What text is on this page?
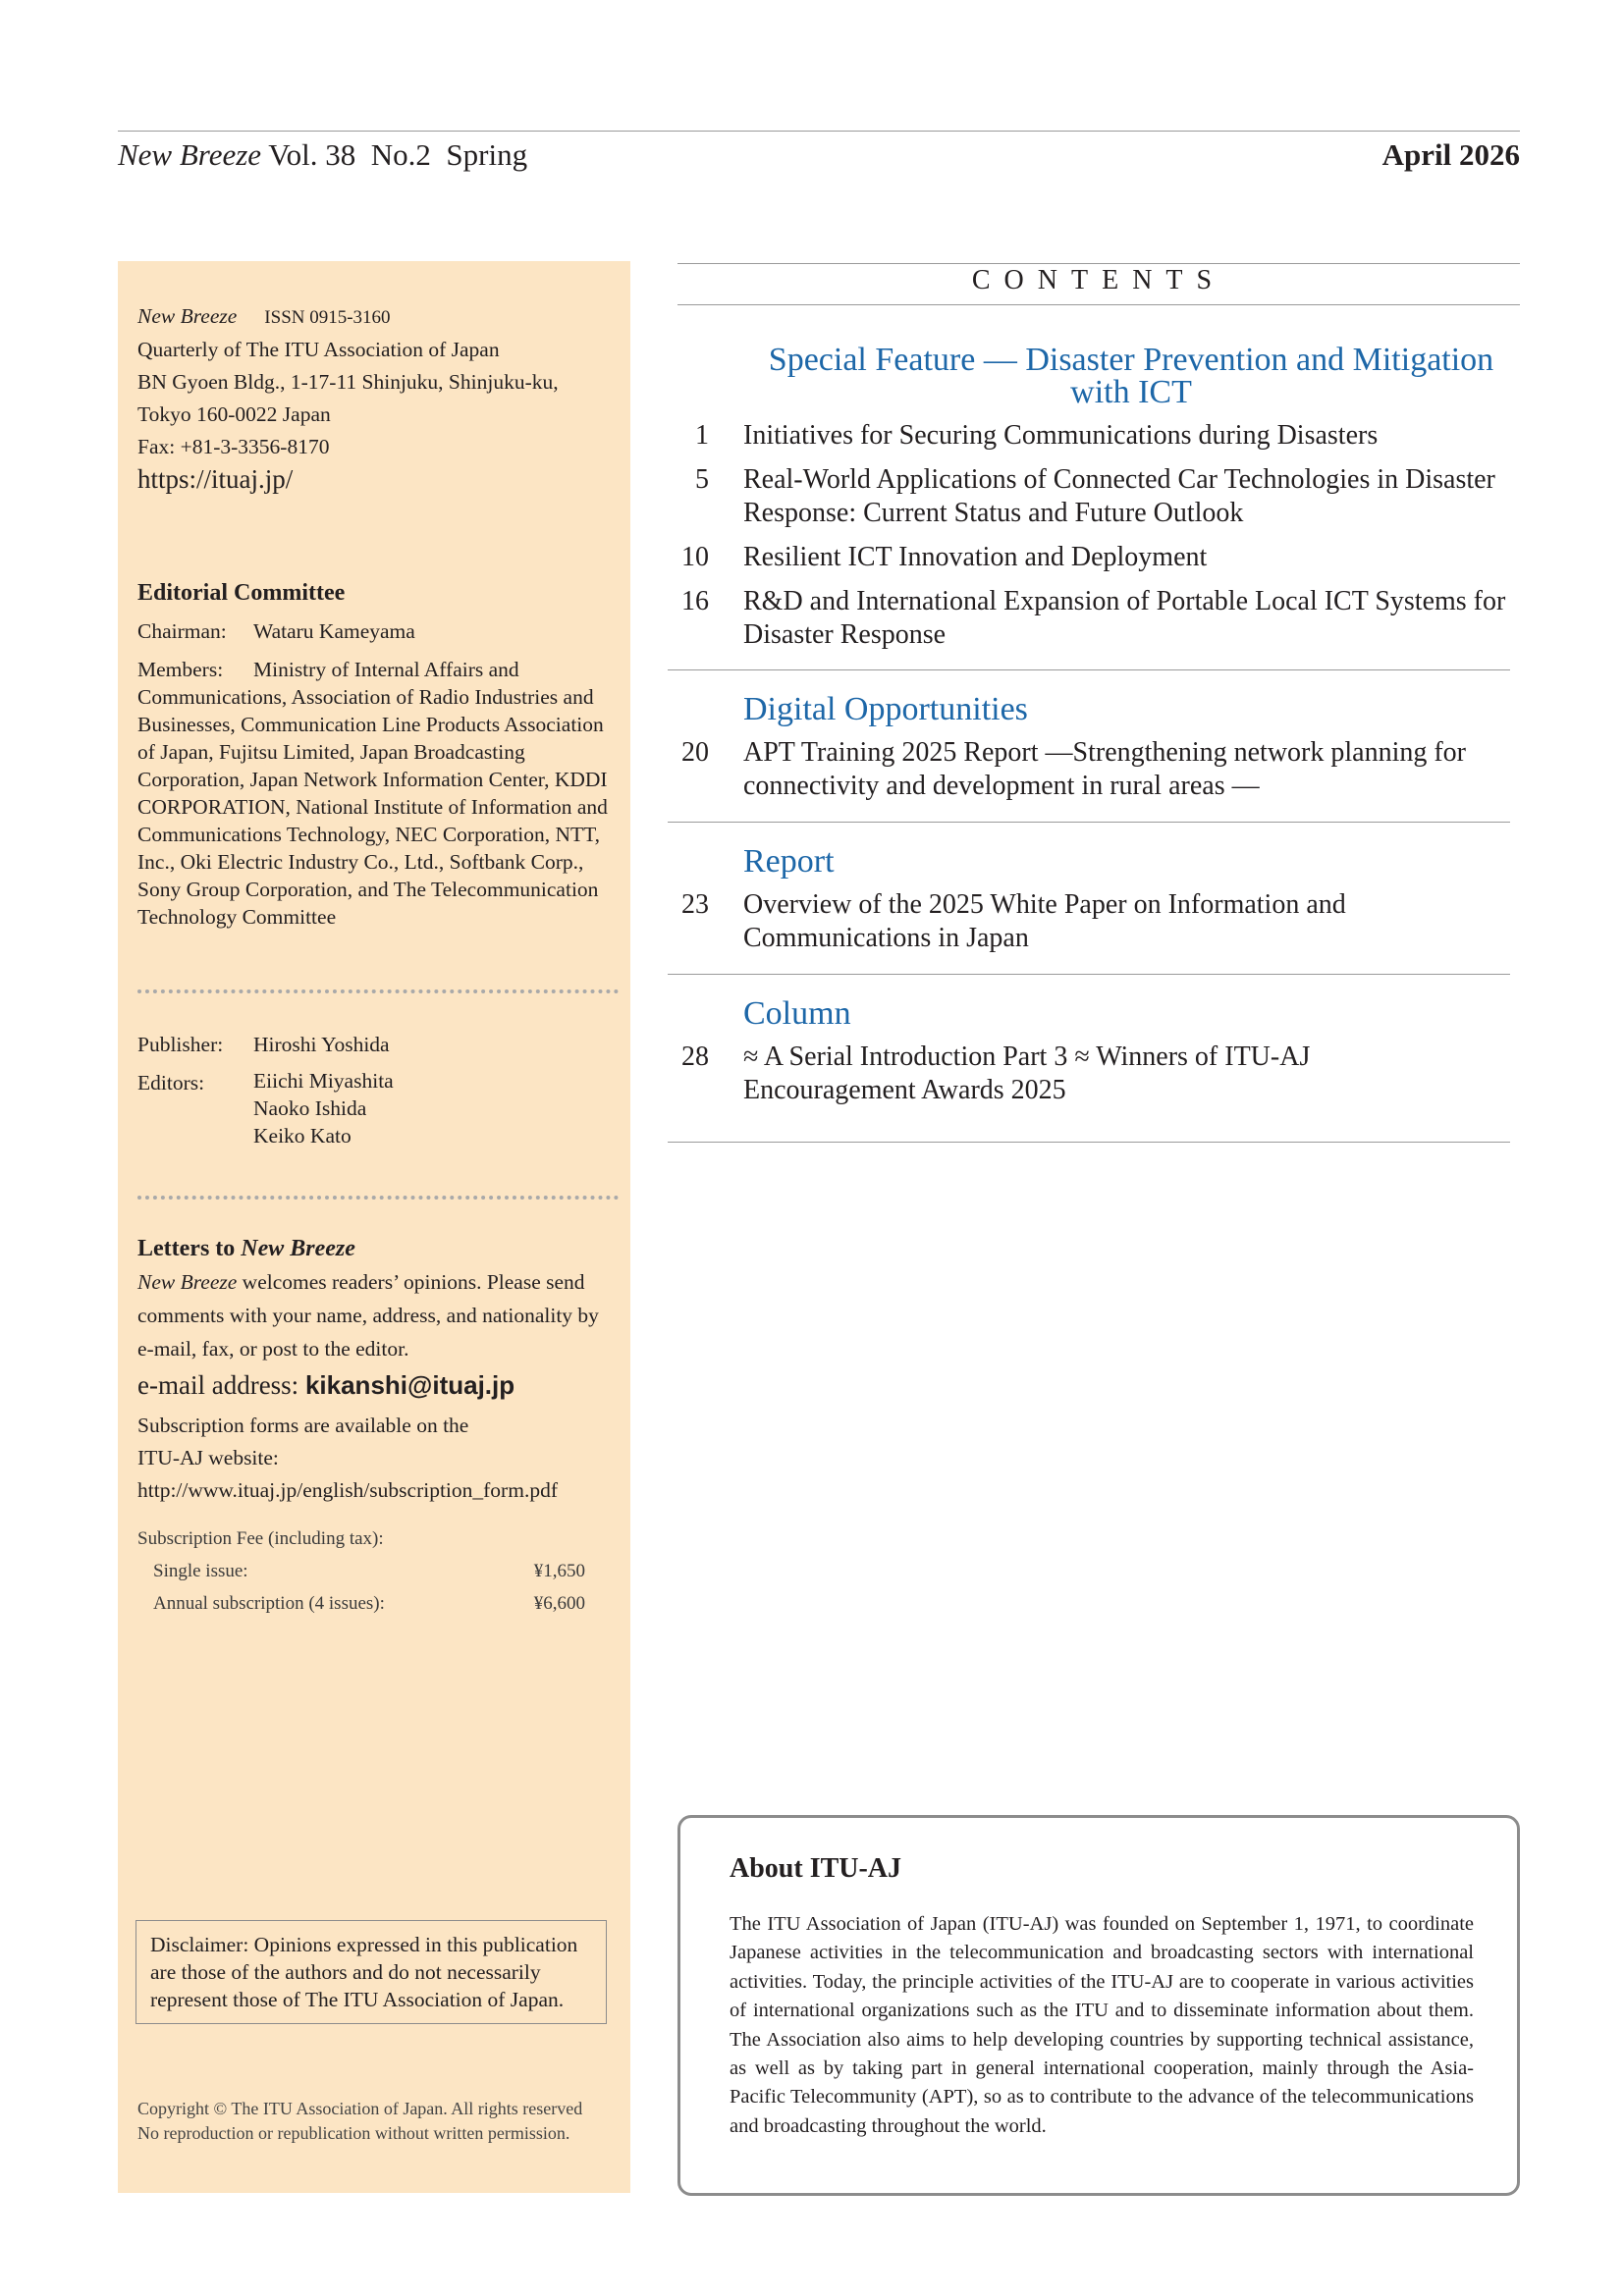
New Breeze Vol. 38  No.2  Spring	April 2026
New Breeze ISSN 0915-3160
Quarterly of The ITU Association of Japan
BN Gyoen Bldg., 1-17-11 Shinjuku, Shinjuku-ku,
Tokyo 160-0022 Japan
Fax: +81-3-3356-8170
https://ituaj.jp/
Editorial Committee
Chairman: Wataru Kameyama
Members: Ministry of Internal Affairs and Communications, Association of Radio Industries and Businesses, Communication Line Products Association of Japan, Fujitsu Limited, Japan Broadcasting Corporation, Japan Network Information Center, KDDI CORPORATION, National Institute of Information and Communications Technology, NEC Corporation, NTT, Inc., Oki Electric Industry Co., Ltd., Softbank Corp., Sony Group Corporation, and The Telecommunication Technology Committee
Publisher: Hiroshi Yoshida
Editors:	Eiichi Miyashita
Naoko Ishida
Keiko Kato
Letters to New Breeze
New Breeze welcomes readers’ opinions. Please send comments with your name, address, and nationality by e-mail, fax, or post to the editor.
e-mail address: kikanshi@ituaj.jp
Subscription forms are available on the ITU-AJ website:
http://www.ituaj.jp/english/subscription_form.pdf
Subscription Fee (including tax):
Single issue:	¥1,650
Annual subscription (4 issues):	¥6,600
Disclaimer: Opinions expressed in this publication are those of the authors and do not necessarily represent those of The ITU Association of Japan.
Copyright © The ITU Association of Japan. All rights reserved No reproduction or republication without written permission.
CONTENTS
Special Feature — Disaster Prevention and Mitigation with ICT
1 Initiatives for Securing Communications during Disasters
5 Real-World Applications of Connected Car Technologies in Disaster Response: Current Status and Future Outlook
10 Resilient ICT Innovation and Deployment
16 R&D and International Expansion of Portable Local ICT Systems for Disaster Response
Digital Opportunities
20 APT Training 2025 Report —Strengthening network planning for connectivity and development in rural areas —
Report
23 Overview of the 2025 White Paper on Information and Communications in Japan
Column
28 ≈ A Serial Introduction Part 3 ≈ Winners of ITU-AJ Encouragement Awards 2025
About ITU-AJ
The ITU Association of Japan (ITU-AJ) was founded on September 1, 1971, to coordinate Japanese activities in the telecommunication and broadcasting sectors with international activities. Today, the principle activities of the ITU-AJ are to cooperate in various activities of international organizations such as the ITU and to disseminate information about them. The Association also aims to help developing countries by supporting technical assistance, as well as by taking part in general international cooperation, mainly through the Asia-Pacific Telecommunity (APT), so as to contribute to the advance of the telecommunications and broadcasting throughout the world.
